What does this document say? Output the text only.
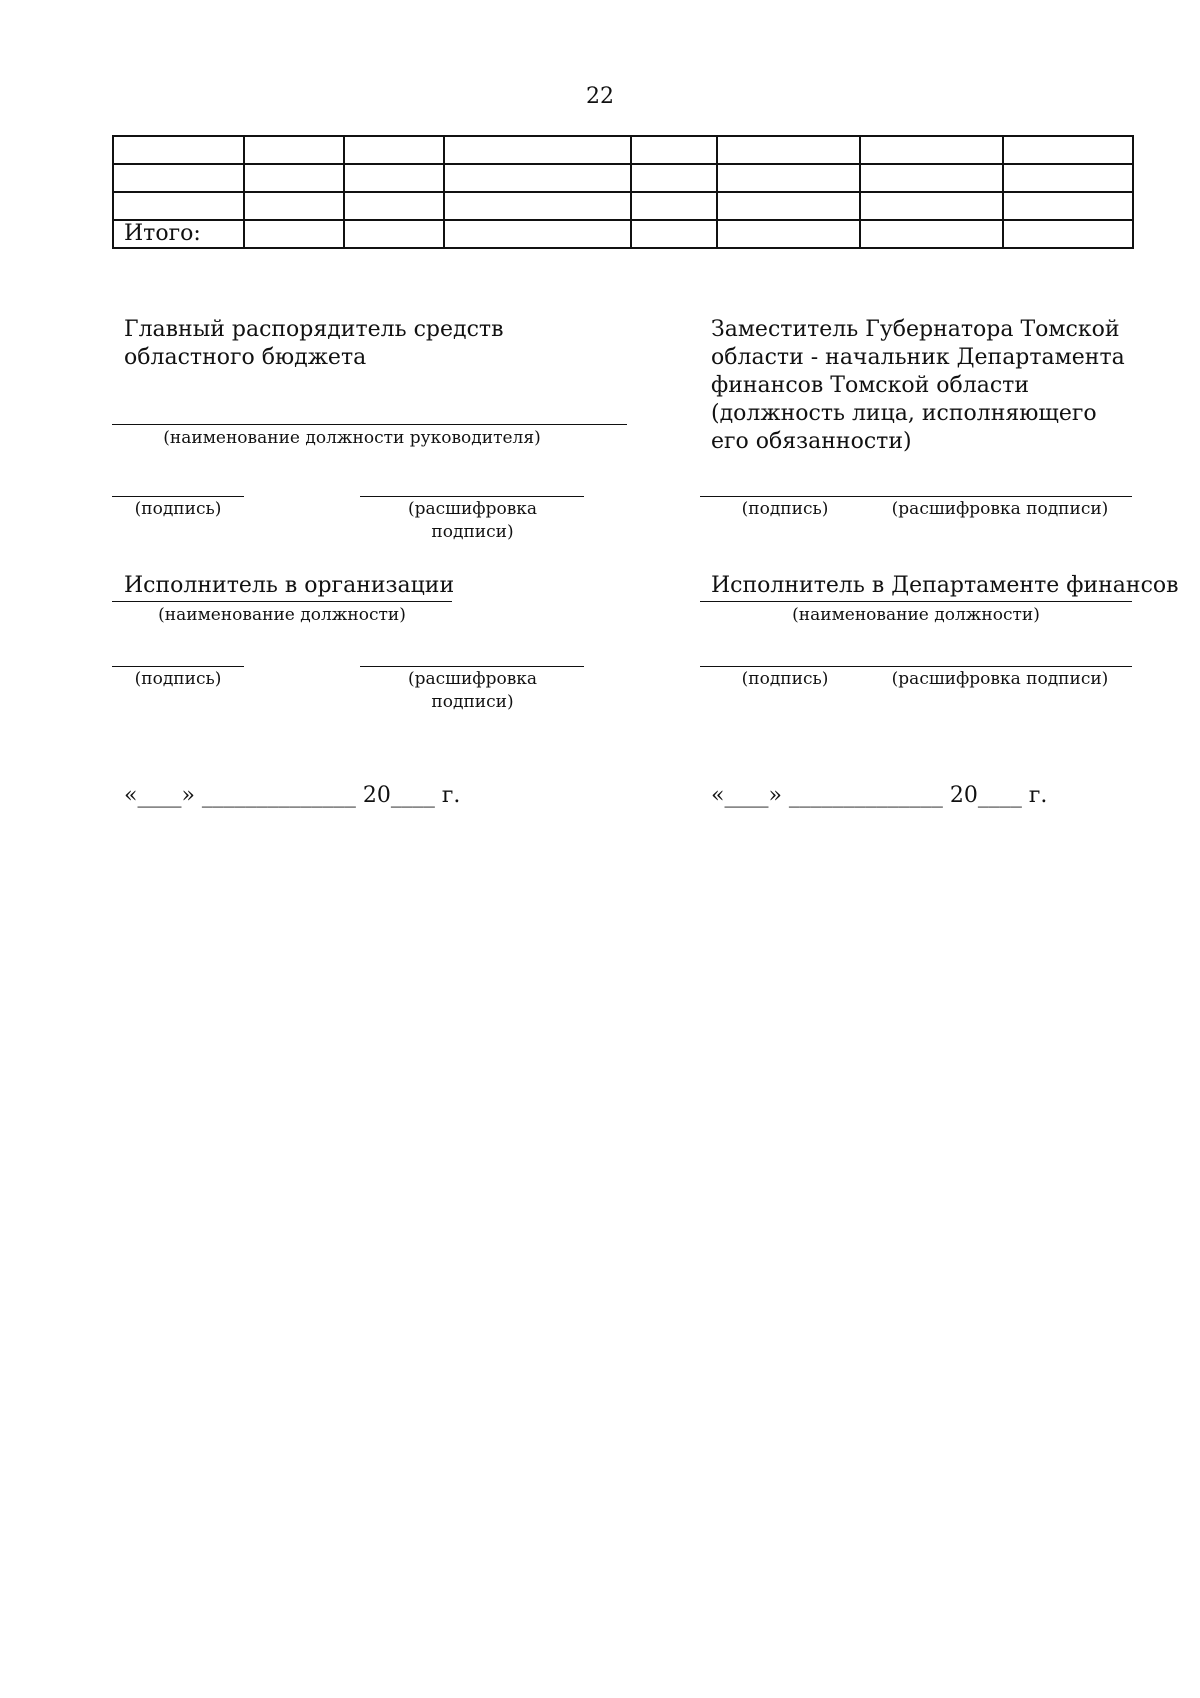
22

Итого:							
Главный распорядитель средств областного бюджета
(наименование должности руководителя)
(подпись)	(расшифровка подписи)
Исполнитель в организации
(наименование должности)
(подпись)	(расшифровка подписи)
«____» ______________ 20____ г.
Заместитель Губернатора Томской области - начальник Департамента финансов Томской области (должность лица, исполняющего его обязанности)
(подпись)	(расшифровка подписи)
Исполнитель в Департаменте финансов
(наименование должности)
(подпись)	(расшифровка подписи)
«____» ______________ 20____ г.
